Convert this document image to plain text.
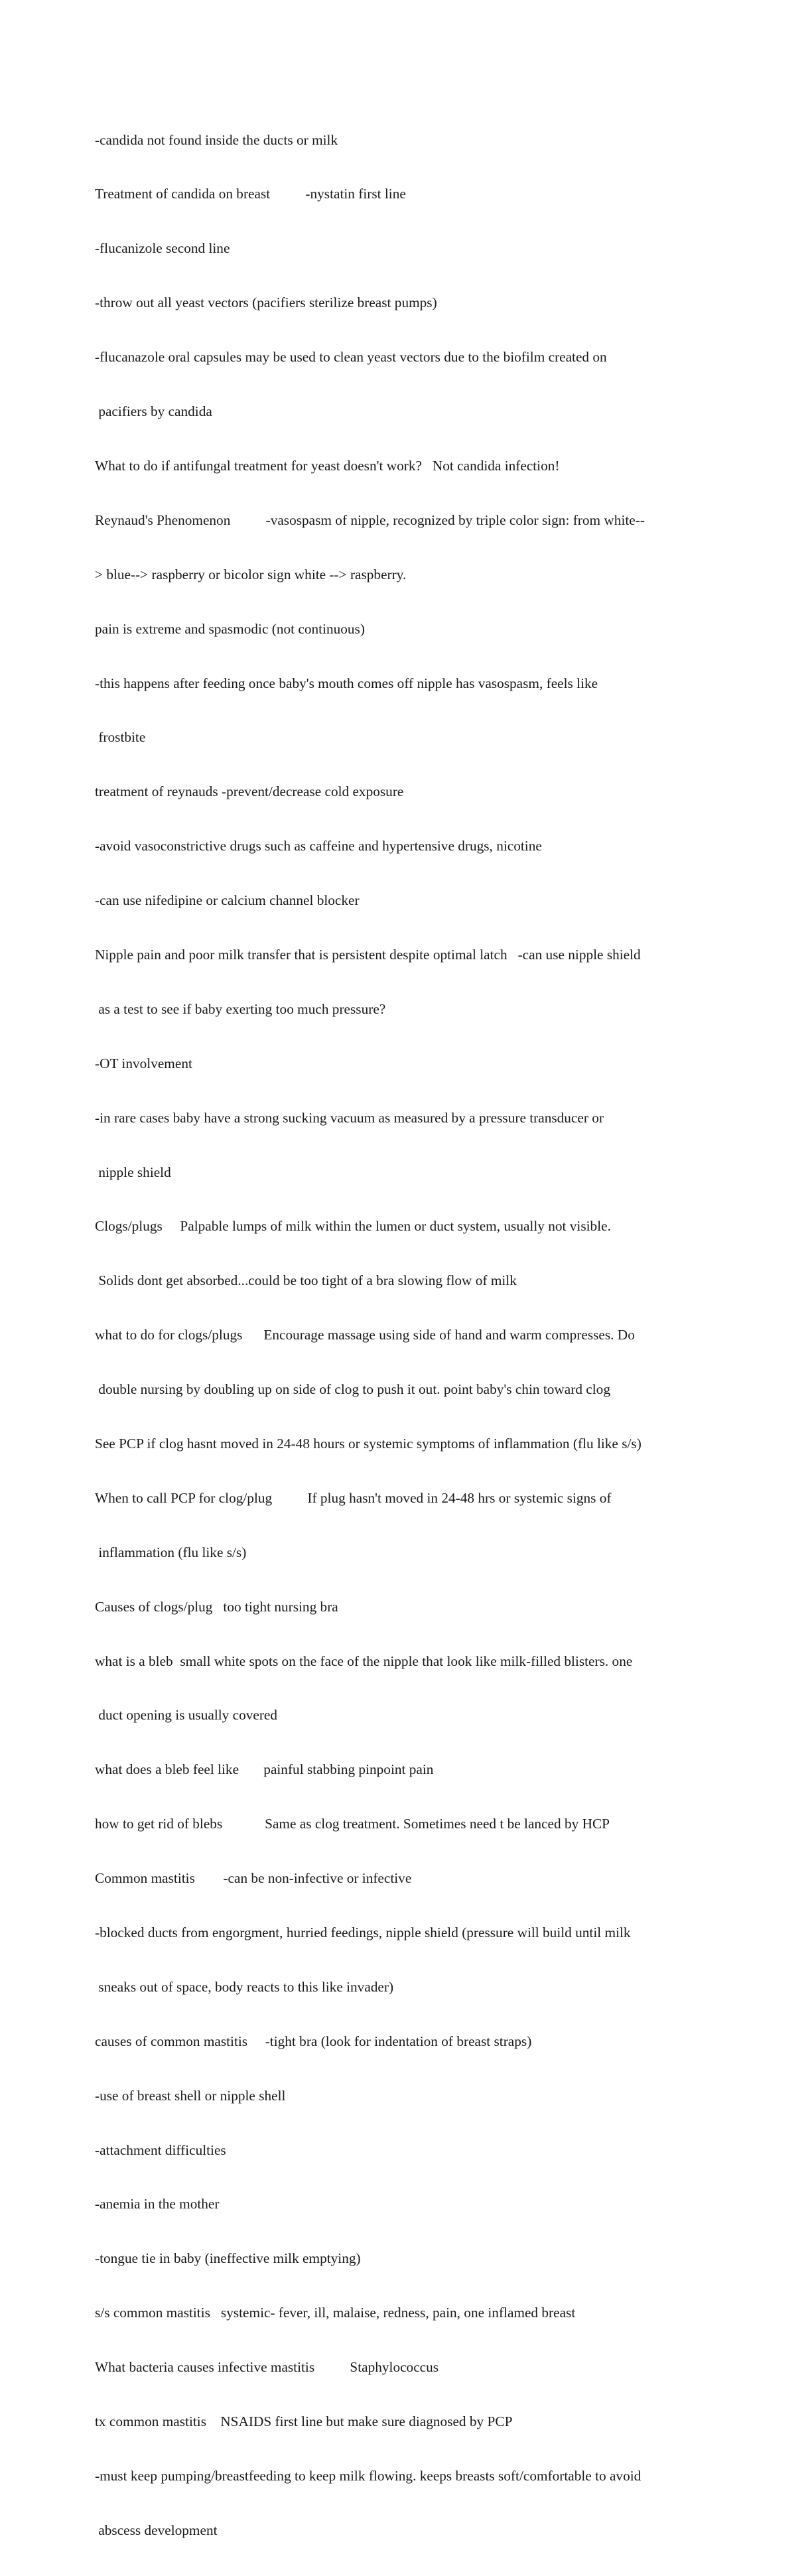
-candida not found inside the ducts or milk

Treatment of candida on breast          -nystatin first line

-flucanizole second line

-throw out all yeast vectors (pacifiers sterilize breast pumps)

-flucanazole oral capsules may be used to clean yeast vectors due to the biofilm created on

pacifiers by candida

What to do if antifungal treatment for yeast doesn't work?   Not candida infection!

Reynaud's Phenomenon          -vasospasm of nipple, recognized by triple color sign: from white--

> blue--> raspberry or bicolor sign white --> raspberry.

pain is extreme and spasmodic (not continuous)

-this happens after feeding once baby's mouth comes off nipple has vasospasm, feels like

frostbite

treatment of reynauds -prevent/decrease cold exposure

-avoid vasoconstrictive drugs such as caffeine and hypertensive drugs, nicotine

-can use nifedipine or calcium channel blocker

Nipple pain and poor milk transfer that is persistent despite optimal latch   -can use nipple shield

as a test to see if baby exerting too much pressure?

-OT involvement

-in rare cases baby have a strong sucking vacuum as measured by a pressure transducer or

nipple shield

Clogs/plugs     Palpable lumps of milk within the lumen or duct system, usually not visible.

Solids dont get absorbed...could be too tight of a bra slowing flow of milk

what to do for clogs/plugs      Encourage massage using side of hand and warm compresses. Do

double nursing by doubling up on side of clog to push it out. point baby's chin toward clog

See PCP if clog hasnt moved in 24-48 hours or systemic symptoms of inflammation (flu like s/s)

When to call PCP for clog/plug          If plug hasn't moved in 24-48 hrs or systemic signs of

inflammation (flu like s/s)

Causes of clogs/plug   too tight nursing bra

what is a bleb  small white spots on the face of the nipple that look like milk-filled blisters. one

duct opening is usually covered

what does a bleb feel like       painful stabbing pinpoint pain

how to get rid of blebs            Same as clog treatment. Sometimes need t be lanced by HCP

Common mastitis        -can be non-infective or infective

-blocked ducts from engorgment, hurried feedings, nipple shield (pressure will build until milk

sneaks out of space, body reacts to this like invader)

causes of common mastitis     -tight bra (look for indentation of breast straps)

-use of breast shell or nipple shell

-attachment difficulties

-anemia in the mother

-tongue tie in baby (ineffective milk emptying)

s/s common mastitis   systemic- fever, ill, malaise, redness, pain, one inflamed breast

What bacteria causes infective mastitis          Staphylococcus

tx common mastitis    NSAIDS first line but make sure diagnosed by PCP

-must keep pumping/breastfeeding to keep milk flowing. keeps breasts soft/comfortable to avoid

abscess development
